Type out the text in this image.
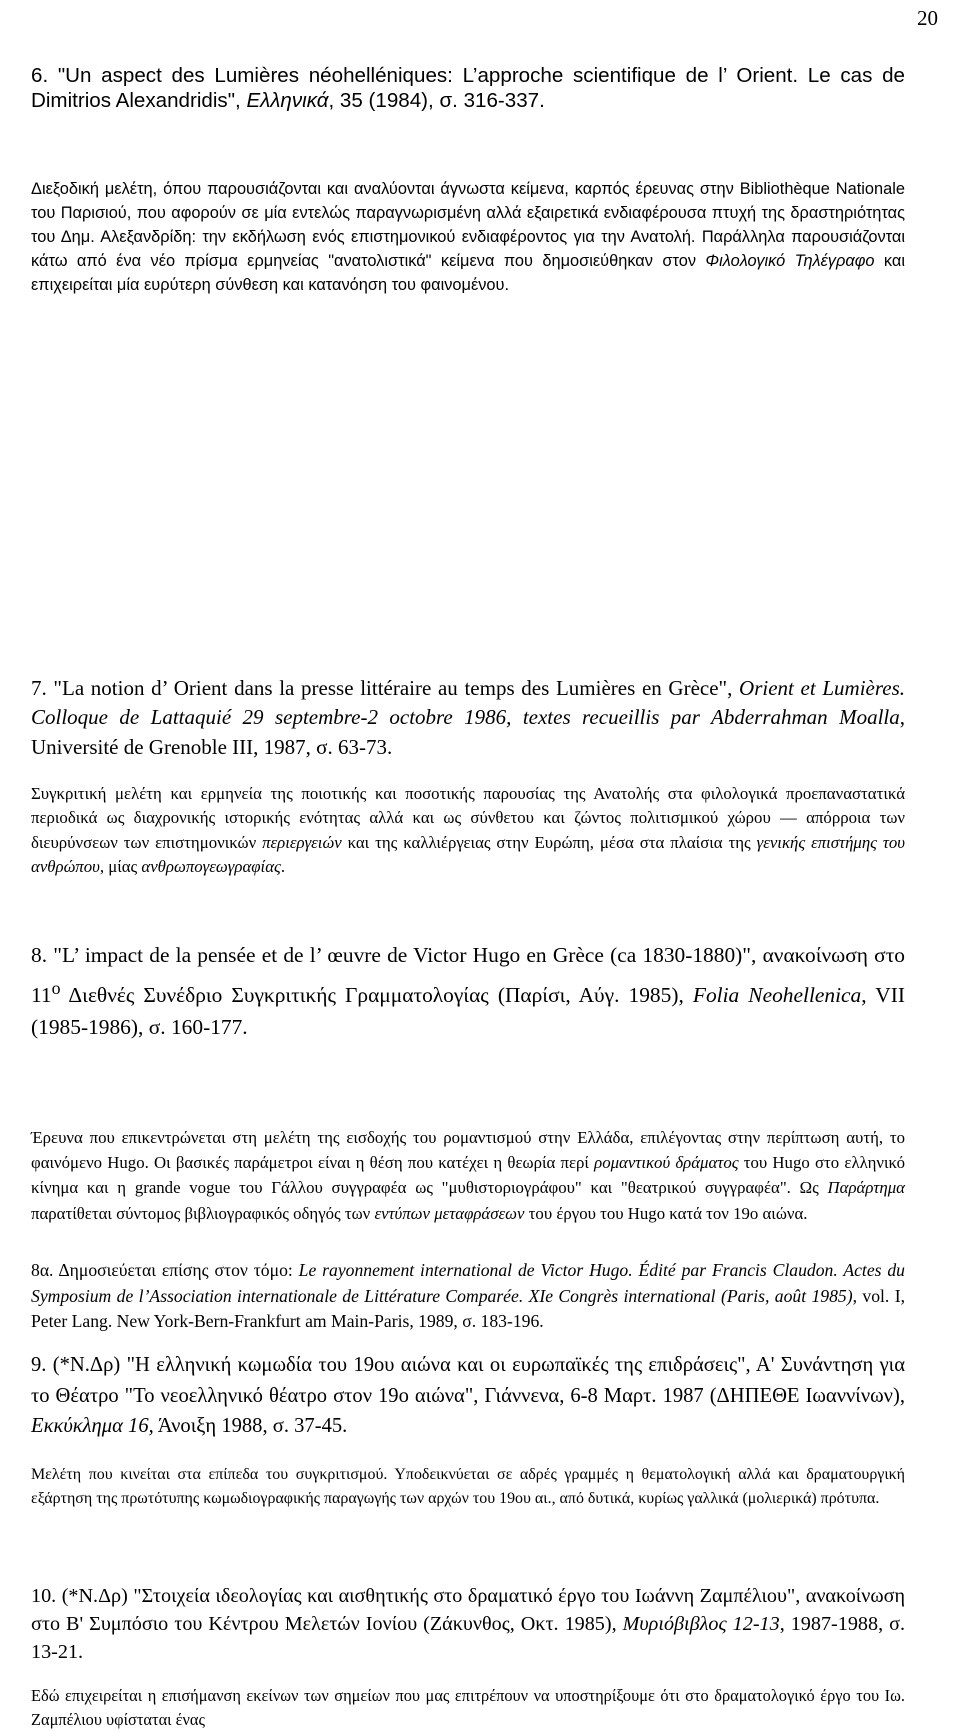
20

6. "Un aspect des Lumières néohelléniques: L’approche scientifique de l’ Orient. Le cas de Dimitrios Alexandridis", Ελληνικά, 35 (1984), σ. 316-337.

Διεξοδική μελέτη, όπου παρουσιάζονται και αναλύονται άγνωστα κείμενα, καρπός έρευνας στην Bibliothèque Nationale του Παρισιού, που αφορούν σε μία εντελώς παραγνωρισμένη αλλά εξαιρετικά ενδιαφέρουσα πτυχή της δραστηριότητας του Δημ. Αλεξανδρίδη: την εκδήλωση ενός επιστημονικού ενδιαφέροντος για την Ανατολή. Παράλληλα παρουσιάζονται κάτω από ένα νέο πρίσμα ερμηνείας "ανατολιστικά" κείμενα που δημοσιεύθηκαν στον Φιλολογικό Τηλέγραφο και επιχειρείται μία ευρύτερη σύνθεση και κατανόηση του φαινομένου.

7. "La notion d’ Orient dans la presse littéraire au temps des Lumières en Grèce", Orient et Lumières. Colloque de Lattaquié 29 septembre-2 octobre 1986, textes recueillis par Abderrahman Moalla, Université de Grenoble III, 1987, σ. 63-73.

Συγκριτική μελέτη και ερμηνεία της ποιοτικής και ποσοτικής παρουσίας της Ανατολής στα φιλολογικά προεπαναστατικά περιοδικά ως διαχρονικής ιστορικής ενότητας αλλά και ως σύνθετου και ζώντος πολιτισμικού χώρου — απόρροια των διευρύνσεων των επιστημονικών περιεργειών και της καλλιέργειας στην Ευρώπη, μέσα στα πλαίσια της γενικής επιστήμης του ανθρώπου, μίας ανθρωπογεωγραφίας.

8. "L’ impact de la pensée et de l’ œuvre de Victor Hugo en Grèce (ca 1830-1880)", ανακοίνωση στο $11^o$ Διεθνές Συνέδριο Συγκριτικής Γραμματολογίας (Παρίσι, Αύγ. 1985), Folia Neohellenica, VII (1985-1986), σ. 160-177.

Έρευνα που επικεντρώνεται στη μελέτη της εισδοχής του ρομαντισμού στην Ελλάδα, επιλέγοντας στην περίπτωση αυτή, το φαινόμενο Hugo. Οι βασικές παράμετροι είναι η θέση που κατέχει η θεωρία περί ρομαντικού δράματος του Hugo στο ελληνικό κίνημα και η grande vogue του Γάλλου συγγραφέα ως "μυθιστοριογράφου" και "θεατρικού συγγραφέα". Ως Παράρτημα παρατίθεται σύντομος βιβλιογραφικός οδηγός των εντύπων μεταφράσεων του έργου του Hugo κατά τον 19ο αιώνα.

8α. Δημοσιεύεται επίσης στον τόμο: Le rayonnement international de Victor Hugo. Édité par Francis Claudon. Actes du Symposium de l’Association internationale de Littérature Comparée. XIe Congrès international (Paris, août 1985), vol. I, Peter Lang. New York-Bern-Frankfurt am Main-Paris, 1989, σ. 183-196.

9. (*Ν.Δρ) "Η ελληνική κωμωδία του 19ου αιώνα και οι ευρωπαϊκές της επιδράσεις", Α' Συνάντηση για το Θέατρο "Το νεοελληνικό θέατρο στον 19ο αιώνα", Γιάννενα, 6-8 Μαρτ. 1987 (ΔΗΠΕΘΕ Ιωαννίνων), Εκκύκλημα 16, Άνοιξη 1988, σ. 37-45.

Μελέτη που κινείται στα επίπεδα του συγκριτισμού. Υποδεικνύεται σε αδρές γραμμές η θεματολογική αλλά και δραματουργική εξάρτηση της πρωτότυπης κωμωδιογραφικής παραγωγής των αρχών του 19ου αι., από δυτικά, κυρίως γαλλικά (μολιερικά) πρότυπα.

10. (*Ν.Δρ) "Στοιχεία ιδεολογίας και αισθητικής στο δραματικό έργο του Ιωάννη Ζαμπέλιου", ανακοίνωση στο Β' Συμπόσιο του Κέντρου Μελετών Ιονίου (Ζάκυνθος, Οκτ. 1985), Μυριόβιβλος 12-13, 1987-1988, σ. 13-21.

Εδώ επιχειρείται η επισήμανση εκείνων των σημείων που μας επιτρέπουν να υποστηρίξουμε ότι στο δραματολογικό έργο του Ιω. Ζαμπέλιου υφίσταται ένας
